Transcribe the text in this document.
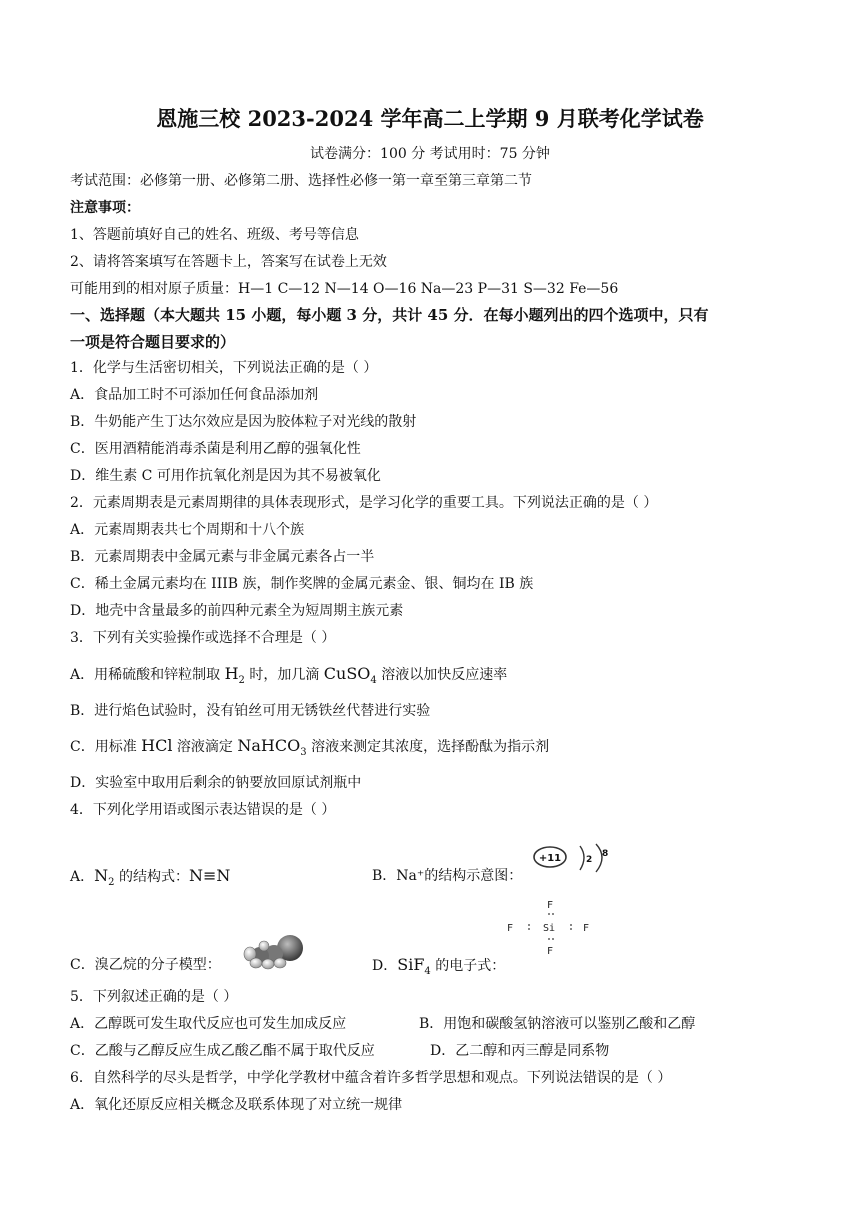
恩施三校 2023-2024 学年高二上学期 9 月联考化学试卷
试卷满分：100 分 考试用时：75 分钟
考试范围：必修第一册、必修第二册、选择性必修一第一章至第三章第二节
注意事项：
1、答题前填好自己的姓名、班级、考号等信息
2、请将答案填写在答题卡上，答案写在试卷上无效
可能用到的相对原子质量：H—1 C—12 N—14 O—16 Na—23 P—31 S—32 Fe—56
一、选择题（本大题共 15 小题，每小题 3 分，共计 45 分．在每小题列出的四个选项中，只有
一项是符合题目要求的）
1．化学与生活密切相关，下列说法正确的是（ ）
A．食品加工时不可添加任何食品添加剂
B．牛奶能产生丁达尔效应是因为胶体粒子对光线的散射
C．医用酒精能消毒杀菌是利用乙醇的强氧化性
D．维生素 C 可用作抗氧化剂是因为其不易被氧化
2．元素周期表是元素周期律的具体表现形式，是学习化学的重要工具。下列说法正确的是（ ）
A．元素周期表共七个周期和十八个族
B．元素周期表中金属元素与非金属元素各占一半
C．稀土金属元素均在 IIIB 族，制作奖牌的金属元素金、银、铜均在 IB 族
D．地壳中含量最多的前四种元素全为短周期主族元素
3．下列有关实验操作或选择不合理是（ ）
A．用稀硫酸和锌粒制取 $H_2$ 时，加几滴 CuSO$_4$ 溶液以加快反应速率
B．进行焰色试验时，没有铂丝可用无锈铁丝代替进行实验
C．用标准 HCl 溶液滴定 NaHCO$_3$ 溶液来测定其浓度，选择酚酞为指示剂
D．实验室中取用后剩余的钠要放回原试剂瓶中
4．下列化学用语或图示表达错误的是（ ）
A．$N_2$ 的结构式：N≡N	B．Na⁺的结构示意图：
+11	2
8
C．溴乙烷的分子模型：	D．SiF$_4$ 的电子式：
F
F	Si	F
F
5．下列叙述正确的是（ ）
A．乙醇既可发生取代反应也可发生加成反应	B．用饱和碳酸氢钠溶液可以鉴别乙酸和乙醇
C．乙酸与乙醇反应生成乙酸乙酯不属于取代反应	D．乙二醇和丙三醇是同系物
6．自然科学的尽头是哲学，中学化学教材中蕴含着许多哲学思想和观点。下列说法错误的是（ ）
A．氧化还原反应相关概念及联系体现了对立统一规律
